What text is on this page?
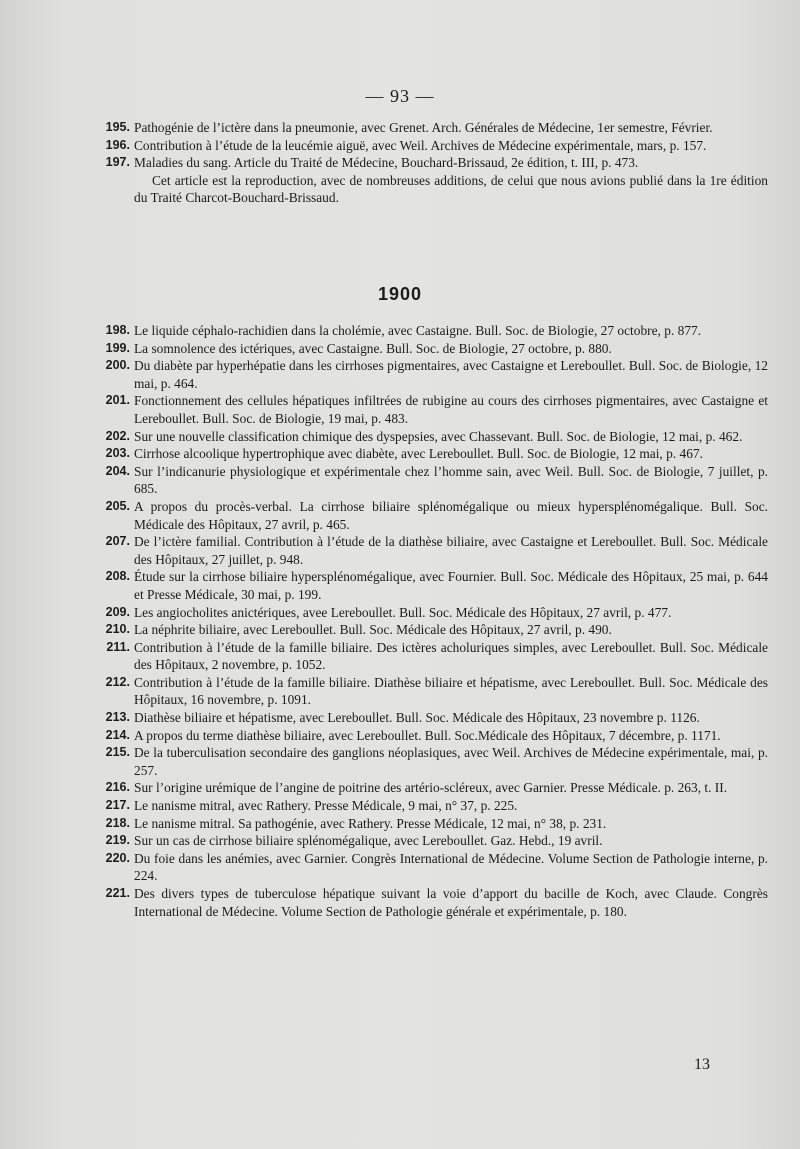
— 93 —
195. Pathogénie de l’ictère dans la pneumonie, avec Grenet. Arch. Générales de Médecine, 1er semestre, Février.
196. Contribution à l’étude de la leucémie aiguë, avec Weil. Archives de Médecine expérimentale, mars, p. 157.
197. Maladies du sang. Article du Traité de Médecine, Bouchard-Brissaud, 2e édition, t. III, p. 473.
Cet article est la reproduction, avec de nombreuses additions, de celui que nous avions publié dans la 1re édition du Traité Charcot-Bouchard-Brissaud.
1900
198. Le liquide céphalo-rachidien dans la cholémie, avec Castaigne. Bull. Soc. de Biologie, 27 octobre, p. 877.
199. La somnolence des ictériques, avec Castaigne. Bull. Soc. de Biologie, 27 octobre, p. 880.
200. Du diabète par hyperhépatie dans les cirrhoses pigmentaires, avec Castaigne et Lereboullet. Bull. Soc. de Biologie, 12 mai, p. 464.
201. Fonctionnement des cellules hépatiques infiltrées de rubigine au cours des cirrhoses pigmentaires, avec Castaigne et Lereboullet. Bull. Soc. de Biologie, 19 mai, p. 483.
202. Sur une nouvelle classification chimique des dyspepsies, avec Chassevant. Bull. Soc. de Biologie, 12 mai, p. 462.
203. Cirrhose alcoolique hypertrophique avec diabète, avec Lereboullet. Bull. Soc. de Biologie, 12 mai, p. 467.
204. Sur l’indicanurie physiologique et expérimentale chez l’homme sain, avec Weil. Bull. Soc. de Biologie, 7 juillet, p. 685.
205. A propos du procès-verbal. La cirrhose biliaire splénomégalique ou mieux hypersplénomégalique. Bull. Soc. Médicale des Hôpitaux, 27 avril, p. 465.
207. De l’ictère familial. Contribution à l’étude de la diathèse biliaire, avec Castaigne et Lereboullet. Bull. Soc. Médicale des Hôpitaux, 27 juillet, p. 948.
208. Étude sur la cirrhose biliaire hypersplénomégalique, avec Fournier. Bull. Soc. Médicale des Hôpitaux, 25 mai, p. 644 et Presse Médicale, 30 mai, p. 199.
209. Les angiocholites anictériques, avee Lereboullet. Bull. Soc. Médicale des Hôpitaux, 27 avril, p. 477.
210. La néphrite biliaire, avec Lereboullet. Bull. Soc. Médicale des Hôpitaux, 27 avril, p. 490.
211. Contribution à l’étude de la famille biliaire. Des ictères acholuriques simples, avec Lereboullet. Bull. Soc. Médicale des Hôpitaux, 2 novembre, p. 1052.
212. Contribution à l’étude de la famille biliaire. Diathèse biliaire et hépatisme, avec Lereboullet. Bull. Soc. Médicale des Hôpitaux, 16 novembre, p. 1091.
213. Diathèse biliaire et hépatisme, avec Lereboullet. Bull. Soc. Médicale des Hôpitaux, 23 novembre p. 1126.
214. A propos du terme diathèse biliaire, avec Lereboullet. Bull. Soc.Médicale des Hôpitaux, 7 décembre, p. 1171.
215. De la tuberculisation secondaire des ganglions néoplasiques, avec Weil. Archives de Médecine expérimentale, mai, p. 257.
216. Sur l’origine urémique de l’angine de poitrine des artério-scléreux, avec Garnier. Presse Médicale. p. 263, t. II.
217. Le nanisme mitral, avec Rathery. Presse Médicale, 9 mai, n° 37, p. 225.
218. Le nanisme mitral. Sa pathogénie, avec Rathery. Presse Médicale, 12 mai, n° 38, p. 231.
219. Sur un cas de cirrhose biliaire splénomégalique, avec Lereboullet. Gaz. Hebd., 19 avril.
220. Du foie dans les anémies, avec Garnier. Congrès International de Médecine. Volume Section de Pathologie interne, p. 224.
221. Des divers types de tuberculose hépatique suivant la voie d’apport du bacille de Koch, avec Claude. Congrès International de Médecine. Volume Section de Pathologie générale et expérimentale, p. 180.
13
